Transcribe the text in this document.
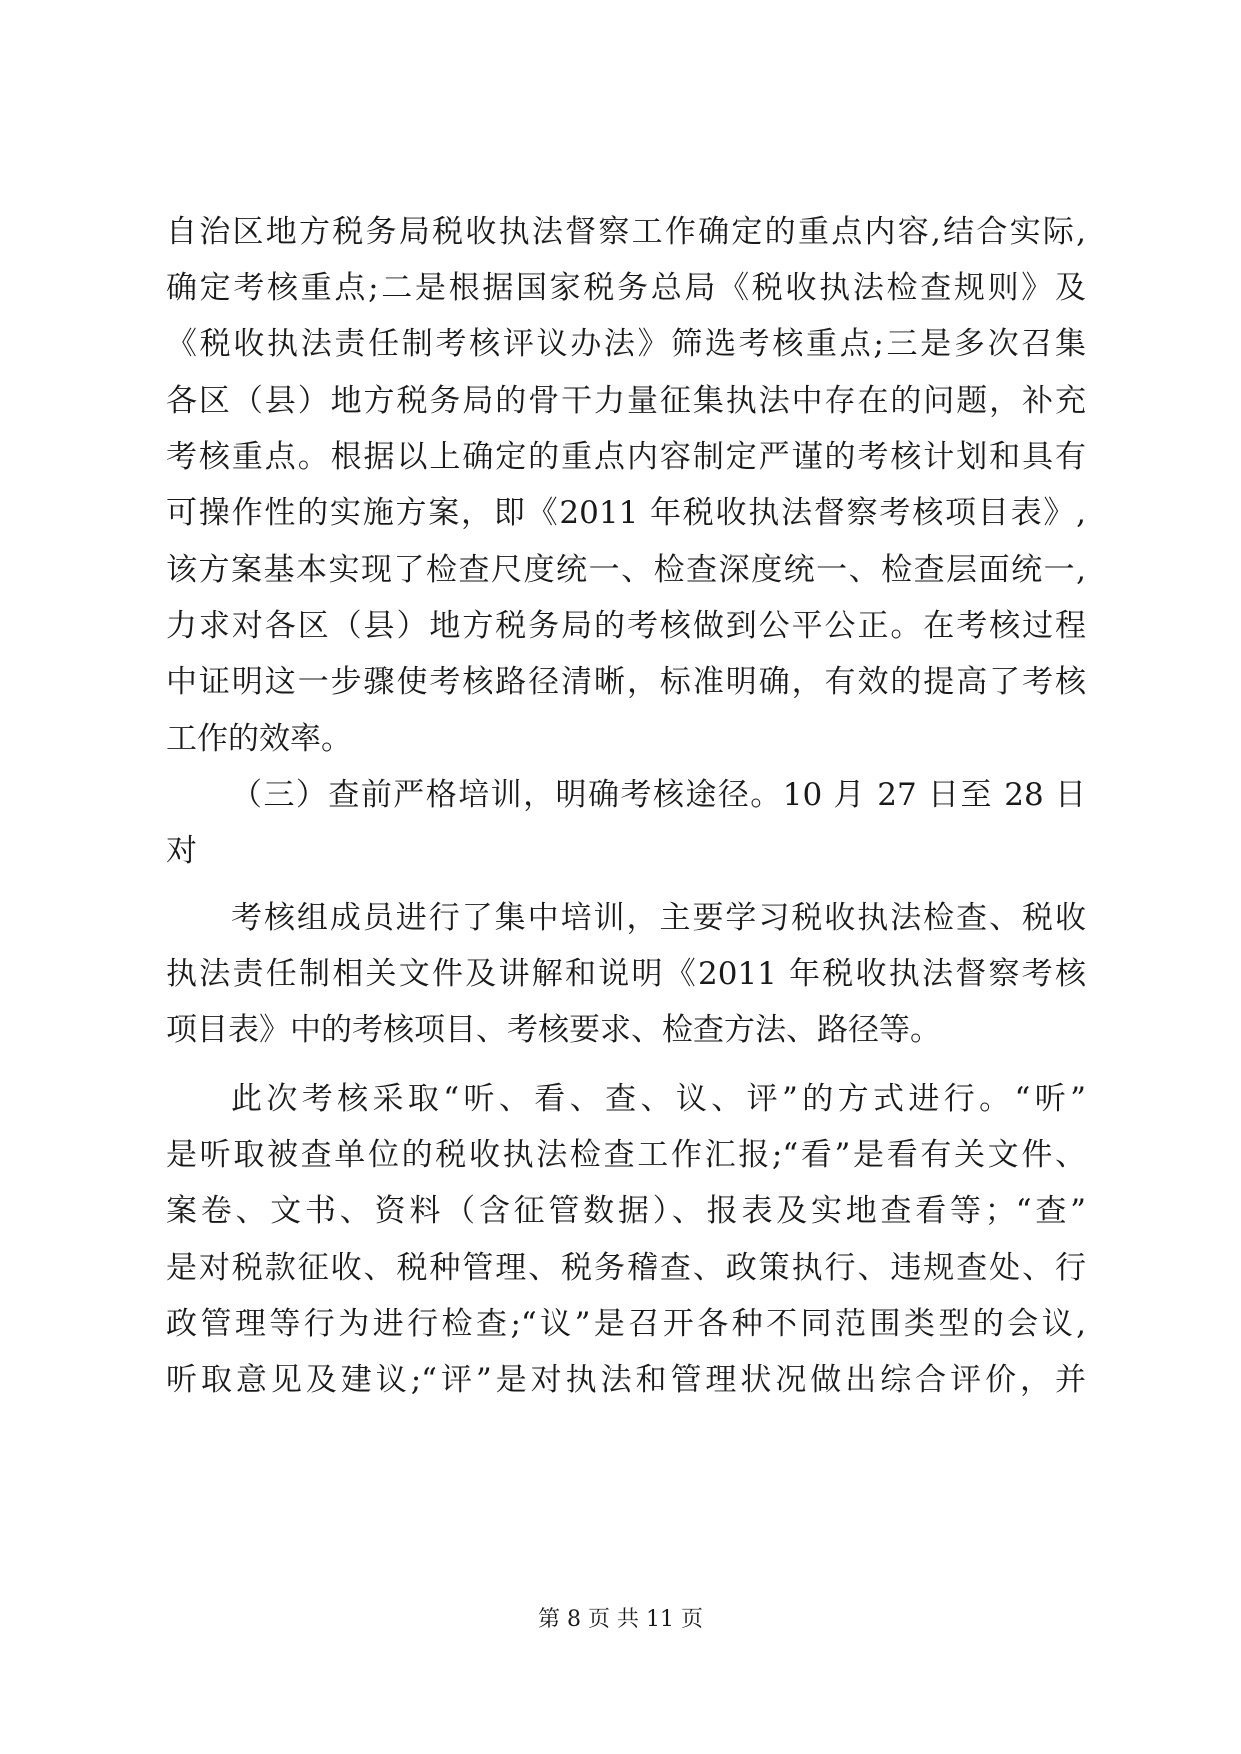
自治区地方税务局税收执法督察工作确定的重点内容,结合实际,
确定考核重点;二是根据国家税务总局《税收执法检查规则》及
《税收执法责任制考核评议办法》筛选考核重点;三是多次召集
各区（县）地方税务局的骨干力量征集执法中存在的问题，补充
考核重点。根据以上确定的重点内容制定严谨的考核计划和具有
可操作性的实施方案，即《2011 年税收执法督察考核项目表》,
该方案基本实现了检查尺度统一、检查深度统一、检查层面统一,
力求对各区（县）地方税务局的考核做到公平公正。在考核过程
中证明这一步骤使考核路径清晰，标准明确，有效的提高了考核
工作的效率。
（三）查前严格培训，明确考核途径。10 月 27 日至 28 日
对
考核组成员进行了集中培训，主要学习税收执法检查、税收
执法责任制相关文件及讲解和说明《2011 年税收执法督察考核
项目表》中的考核项目、考核要求、检查方法、路径等。
此次考核采取“听、看、查、议、评”的方式进行。“听”
是听取被查单位的税收执法检查工作汇报;“看”是看有关文件、
案卷、文书、资料（含征管数据）、报表及实地查看等；“查”
是对税款征收、税种管理、税务稽查、政策执行、违规查处、行
政管理等行为进行检查;“议”是召开各种不同范围类型的会议,
听取意见及建议;“评”是对执法和管理状况做出综合评价，并
第 8 页 共 11 页
